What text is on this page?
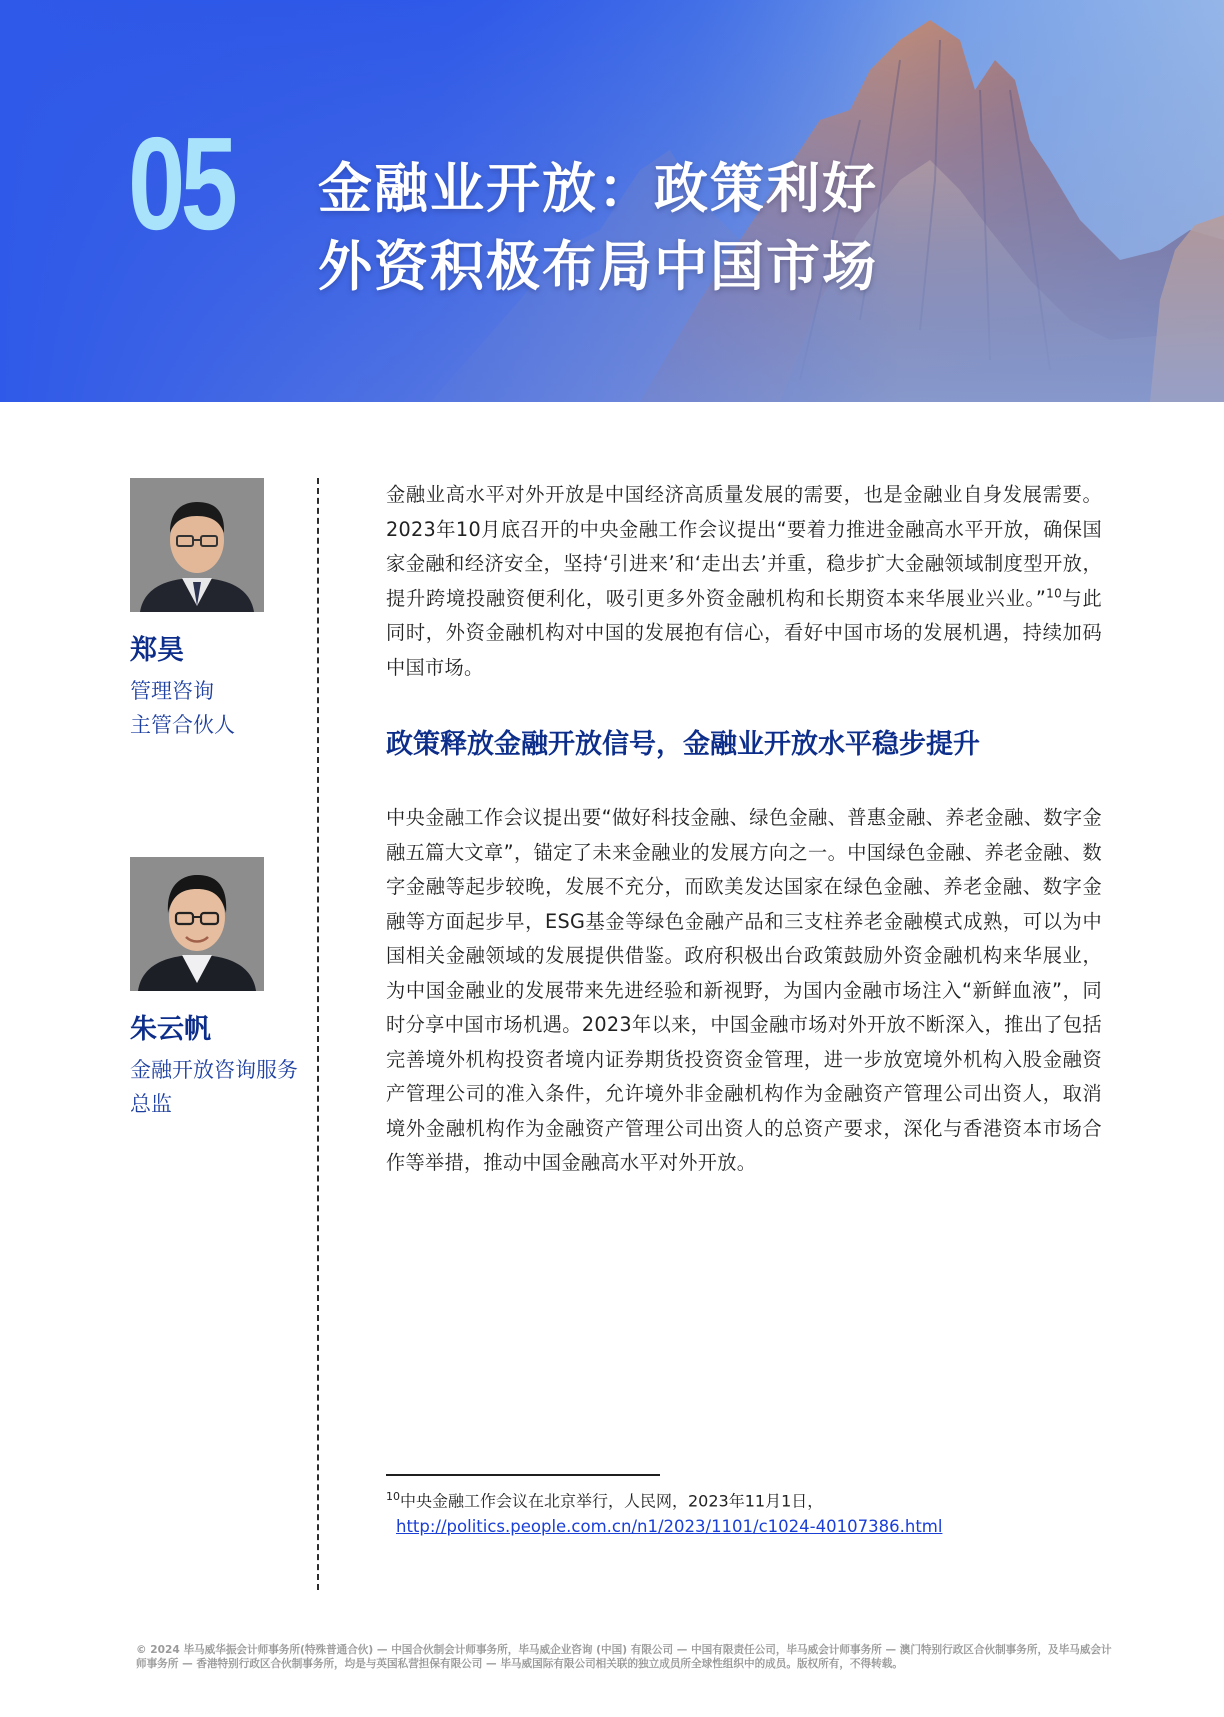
05 金融业开放：政策利好
外资积极布局中国市场
郑昊
管理咨询
主管合伙人
朱云帆
金融开放咨询服务
总监

金融业高水平对外开放是中国经济高质量发展的需要，也是金融业自身发展需要。2023年10月底召开的中央金融工作会议提出“要着力推进金融高水平开放，确保国家金融和经济安全，坚持‘引进来’和‘走出去’并重，稳步扩大金融领域制度型开放，提升跨境投融资便利化，吸引更多外资金融机构和长期资本来华展业兴业。”$^{10}$与此同时，外资金融机构对中国的发展抱有信心，看好中国市场的发展机遇，持续加码中国市场。

政策释放金融开放信号，金融业开放水平稳步提升

中央金融工作会议提出要“做好科技金融、绿色金融、普惠金融、养老金融、数字金融五篇大文章”，锚定了未来金融业的发展方向之一。中国绿色金融、养老金融、数字金融等起步较晚，发展不充分，而欧美发达国家在绿色金融、养老金融、数字金融等方面起步早，ESG基金等绿色金融产品和三支柱养老金融模式成熟，可以为中国相关金融领域的发展提供借鉴。政府积极出台政策鼓励外资金融机构来华展业，为中国金融业的发展带来先进经验和新视野，为国内金融市场注入“新鲜血液”，同时分享中国市场机遇。2023年以来，中国金融市场对外开放不断深入，推出了包括完善境外机构投资者境内证券期货投资资金管理，进一步放宽境外机构入股金融资产管理公司的准入条件，允许境外非金融机构作为金融资产管理公司出资人，取消境外金融机构作为金融资产管理公司出资人的总资产要求，深化与香港资本市场合作等举措，推动中国金融高水平对外开放。

$^{10}$中央金融工作会议在北京举行，人民网，2023年11月1日，
http://politics.people.com.cn/n1/2023/1101/c1024-40107386.html
© 2024 毕马威华振会计师事务所(特殊普通合伙) — 中国合伙制会计师事务所，毕马威企业咨询 (中国) 有限公司 — 中国有限责任公司，毕马威会计师事务所 — 澳门特别行政区合伙制事务所，及毕马威会计师事务所 — 香港特别行政区合伙制事务所，均是与英国私营担保有限公司 — 毕马威国际有限公司相关联的独立成员所全球性组织中的成员。版权所有，不得转载。
